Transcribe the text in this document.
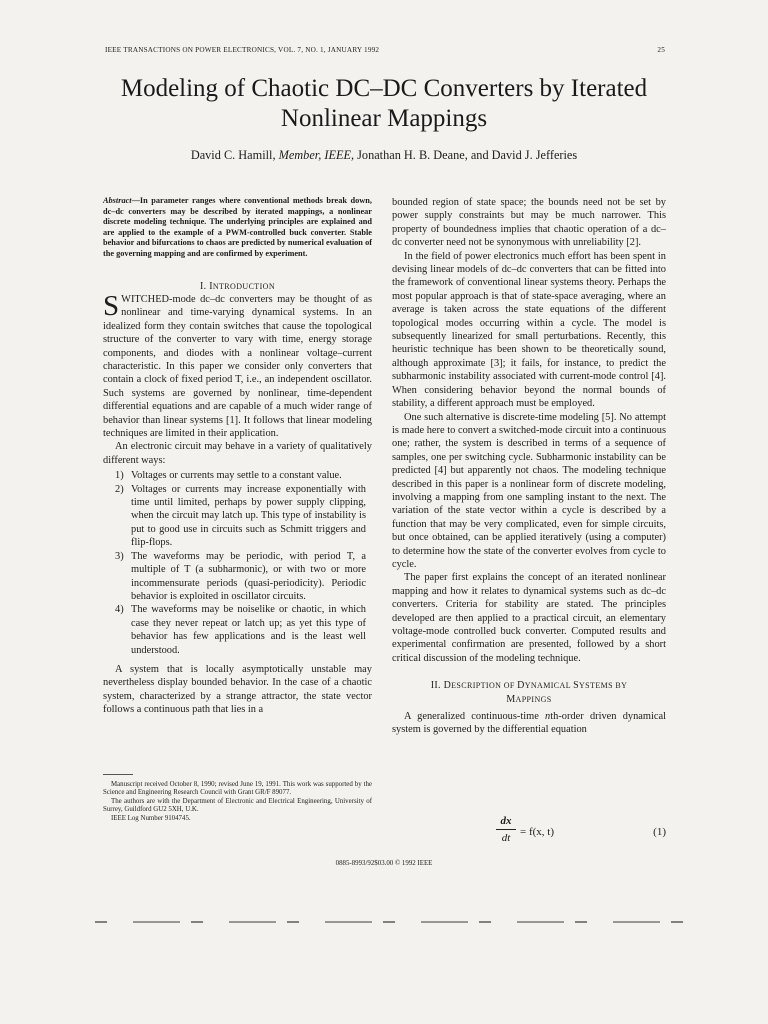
IEEE TRANSACTIONS ON POWER ELECTRONICS, VOL. 7, NO. 1, JANUARY 1992	25
Modeling of Chaotic DC–DC Converters by Iterated
Nonlinear Mappings
David C. Hamill, Member, IEEE, Jonathan H. B. Deane, and David J. Jefferies

Abstract—In parameter ranges where conventional methods break down, dc–dc converters may be described by iterated mappings, a nonlinear discrete modeling technique. The underlying principles are explained and are applied to the example of a PWM-controlled buck converter. Stable behavior and bifurcations to chaos are predicted by numerical evaluation of the governing mapping and are confirmed by experiment.

I. INTRODUCTION

SWITCHED-mode dc–dc converters may be thought of as nonlinear and time-varying dynamical systems. In an idealized form they contain switches that cause the topological structure of the converter to vary with time, energy storage components, and diodes with a nonlinear voltage–current characteristic. In this paper we consider only converters that contain a clock of fixed period T, i.e., an independent oscillator. Such systems are governed by nonlinear, time-dependent differential equations and are capable of a much wider range of behavior than linear systems [1]. It follows that linear modeling techniques are limited in their application.

An electronic circuit may behave in a variety of qualitatively different ways:

1) Voltages or currents may settle to a constant value.
2) Voltages or currents may increase exponentially with time until limited, perhaps by power supply clipping, when the circuit may latch up. This type of instability is put to good use in circuits such as Schmitt triggers and flip-flops.
3) The waveforms may be periodic, with period T, a multiple of T (a subharmonic), or with two or more incommensurate periods (quasi-periodicity). Periodic behavior is exploited in oscillator circuits.
4) The waveforms may be noiselike or chaotic, in which case they never repeat or latch up; as yet this type of behavior has few applications and is the least well understood.

A system that is locally asymptotically unstable may nevertheless display bounded behavior. In the case of a chaotic system, characterized by a strange attractor, the state vector follows a continuous path that lies in a

Manuscript received October 8, 1990; revised June 19, 1991. This work was supported by the Science and Engineering Research Council with Grant GR/F 89077.

The authors are with the Department of Electronic and Electrical Engineering, University of Surrey, Guildford GU2 5XH, U.K.

IEEE Log Number 9104745.

bounded region of state space; the bounds need not be set by power supply constraints but may be much narrower. This property of boundedness implies that chaotic operation of a dc–dc converter need not be synonymous with unreliability [2].

In the field of power electronics much effort has been spent in devising linear models of dc–dc converters that can be fitted into the framework of conventional linear systems theory. Perhaps the most popular approach is that of state-space averaging, where an average is taken across the state equations of the different topological modes occurring within a cycle. The model is subsequently linearized for small perturbations. Recently, this heuristic technique has been shown to be theoretically sound, although approximate [3]; it fails, for instance, to predict the subharmonic instability associated with current-mode control [4]. When considering behavior beyond the normal bounds of stability, a different approach must be employed.

One such alternative is discrete-time modeling [5]. No attempt is made here to convert a switched-mode circuit into a continuous one; rather, the system is described in terms of a sequence of samples, one per switching cycle. Subharmonic instability can be predicted [4] but apparently not chaos. The modeling technique described in this paper is a nonlinear form of discrete modeling, involving a mapping from one sampling instant to the next. The variation of the state vector within a cycle is described by a function that may be very complicated, even for simple circuits, but once obtained, can be applied iteratively (using a computer) to determine how the state of the converter evolves from cycle to cycle.

The paper first explains the concept of an iterated nonlinear mapping and how it relates to dynamical systems such as dc–dc converters. Criteria for stability are stated. The principles developed are then applied to a practical circuit, an elementary voltage-mode controlled buck converter. Computed results and experimental confirmation are presented, followed by a short critical discussion of the modeling technique.

II. DESCRIPTION OF DYNAMICAL SYSTEMS BY
MAPPINGS

A generalized continuous-time nth-order driven dynamical system is governed by the differential equation

dx
dt = f(x, t)	(1)
0885-8993/92$03.00 © 1992 IEEE
